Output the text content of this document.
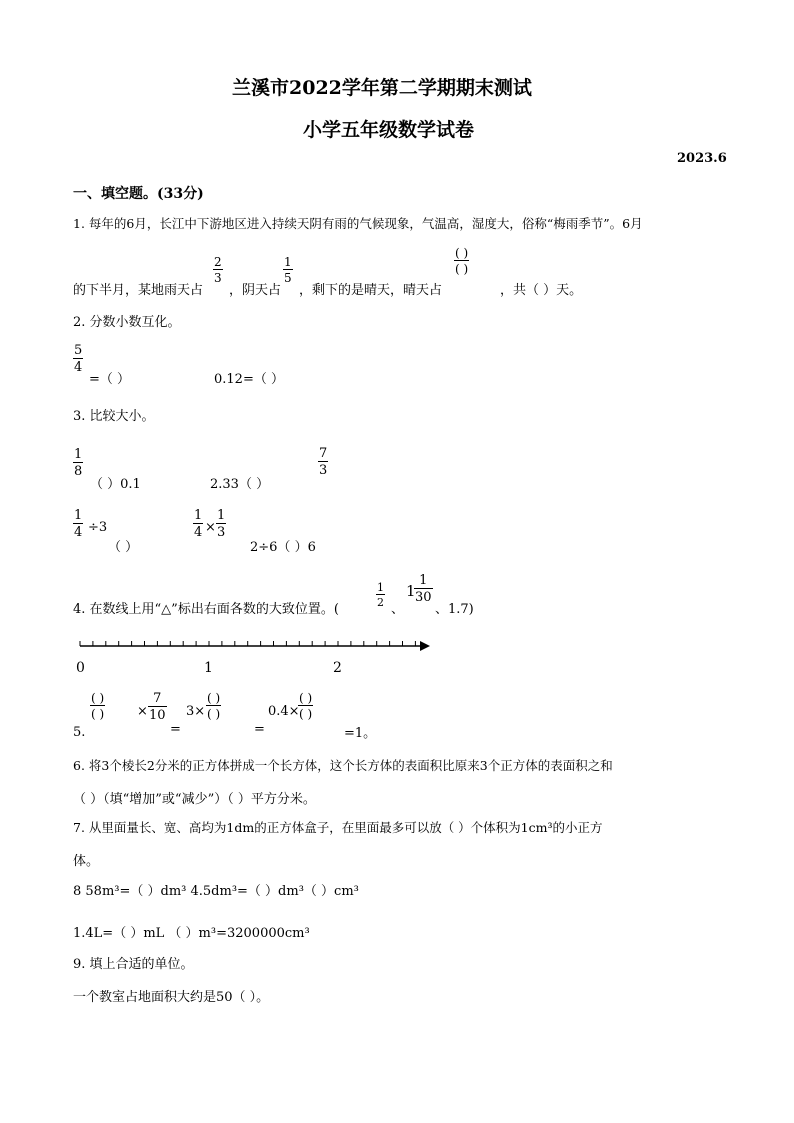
兰溪市2022学年第二学期期末测试
小学五年级数学试卷
2023.6
一、填空题。(33分)
1. 每年的6月，长江中下游地区进入持续天阴有雨的气候现象，气温高，湿度大，俗称“梅雨季节”。6月
的下半月，某地雨天占
2
3
，阴天占
1
5
，剩下的是晴天，晴天占
( )
( )
，共（ ）天。
2. 分数小数互化。
5
4
=（ ）	0.12=（ ）
3. 比较大小。
1
8
（ ）0.1	2.33（ ）
7
3
1
4 ÷3
（ ）
1
4 ×
1
3
2÷6（ ）6
4. 在数线上用“△”标出右面各数的大致位置。(
1
2 、
1
1
30
、1.7)
0	1	2
5.
( )
( )	×
7
10
=
3×
( )
( )
=
0.4×
( )
( )
=1。
6. 将3个棱长2分米的正方体拼成一个长方体，这个长方体的表面积比原来3个正方体的表面积之和
（ ）（填“增加”或“减少”）（ ）平方分米。
7. 从里面量长、宽、高均为1dm的正方体盒子，在里面最多可以放（ ）个体积为1cm³的小正方
体。
8 58m³=（ ）dm³ 4.5dm³=（ ）dm³（ ）cm³
1.4L=（ ）mL （ ）m³=3200000cm³
9. 填上合适的单位。
一个教室占地面积大约是50（ ）。
